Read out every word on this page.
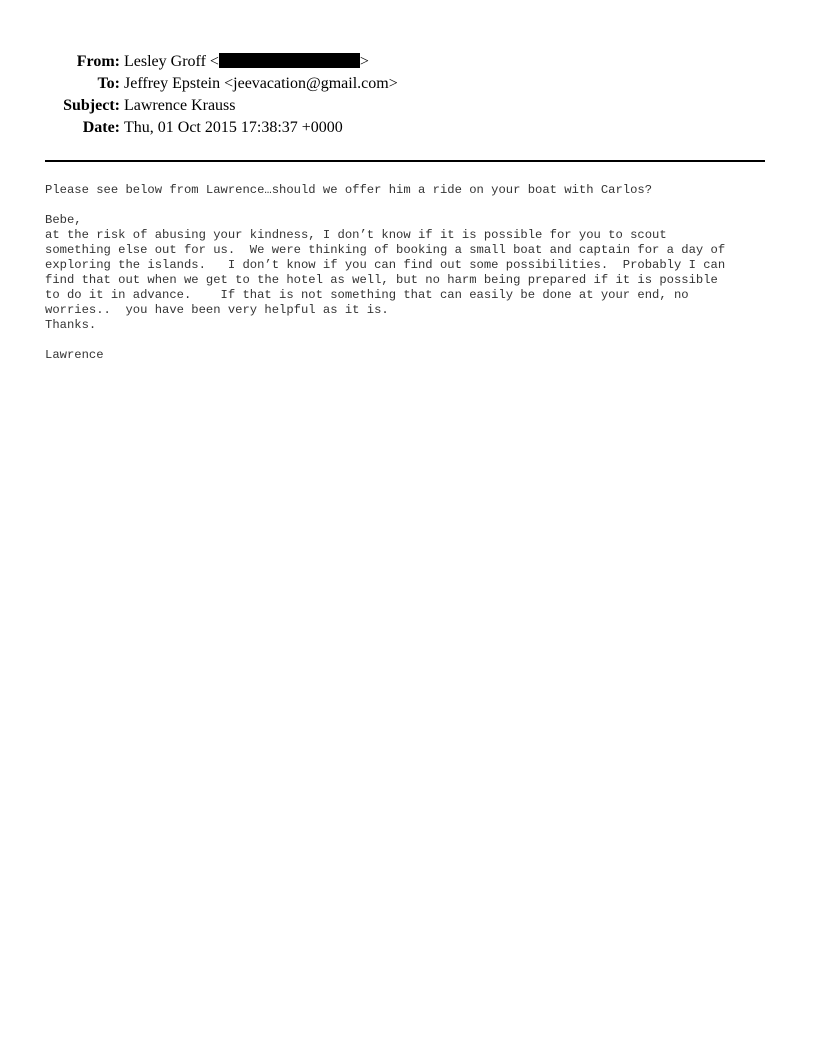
From: Lesley Groff <	>
To: Jeffrey Epstein <jeevacation@gmail.com>
Subject: Lawrence Krauss
Date: Thu, 01 Oct 2015 17:38:37 +0000
Please see below from Lawrence…should we offer him a ride on your boat with Carlos?
Bebe,
at the risk of abusing your kindness, I don’t know if it is possible for you to scout
something else out for us.  We were thinking of booking a small boat and captain for a day of
exploring the islands.   I don’t know if you can find out some possibilities.  Probably I can
find that out when we get to the hotel as well, but no harm being prepared if it is possible
to do it in advance.    If that is not something that can easily be done at your end, no
worries..  you have been very helpful as it is.
Thanks.
Lawrence
